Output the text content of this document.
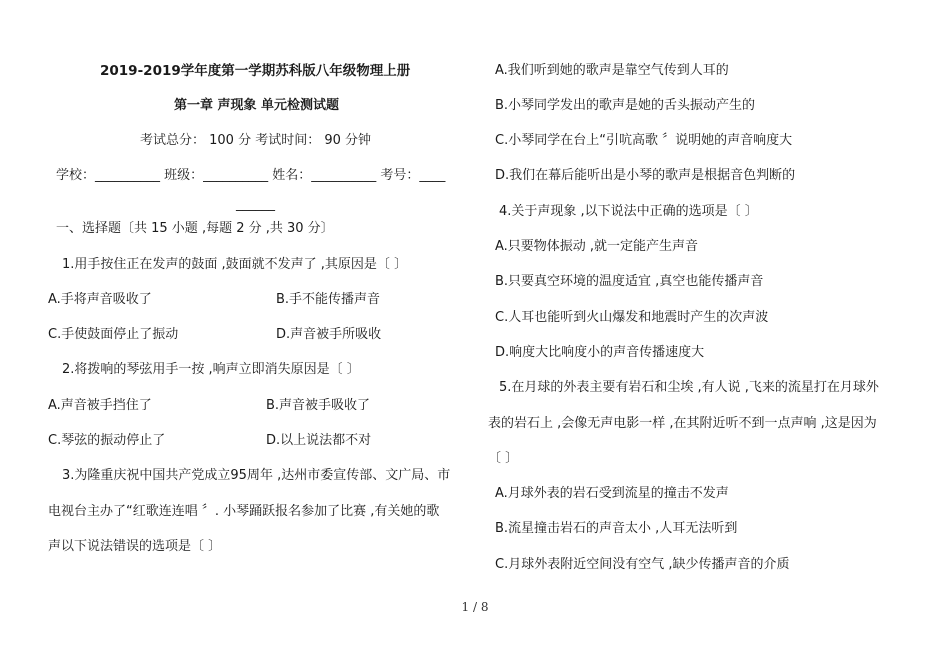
2019-2019学年度第一学期苏科版八年级物理上册
第一章 声现象 单元检测试题
考试总分： 100 分 考试时间： 90 分钟
学校：__________ 班级：__________ 姓名：__________ 考号：____
______
一、选择题〔共 15 小题 ,每题 2 分 ,共 30 分〕
1.用手按住正在发声的鼓面 ,鼓面就不发声了 ,其原因是〔 〕
A.手将声音吸收了	B.手不能传播声音
C.手使鼓面停止了振动	D.声音被手所吸收
2.将拨响的琴弦用手一按 ,响声立即消失原因是〔 〕
A.声音被手挡住了	B.声音被手吸收了
C.琴弦的振动停止了	D.以上说法都不对
3.为隆重庆祝中国共产党成立95周年 ,达州市委宣传部、文广局、市
电视台主办了“红歌连连唱 〞. 小琴踊跃报名参加了比赛 ,有关她的歌
声以下说法错误的选项是〔 〕
A.我们听到她的歌声是靠空气传到人耳的
B.小琴同学发出的歌声是她的舌头振动产生的
C.小琴同学在台上“引吭高歌 〞说明她的声音响度大
D.我们在幕后能听出是小琴的歌声是根据音色判断的
4.关于声现象 ,以下说法中正确的选项是〔 〕
A.只要物体振动 ,就一定能产生声音
B.只要真空环境的温度适宜 ,真空也能传播声音
C.人耳也能听到火山爆发和地震时产生的次声波
D.响度大比响度小的声音传播速度大
5.在月球的外表主要有岩石和尘埃 ,有人说 ,飞来的流星打在月球外
表的岩石上 ,会像无声电影一样 ,在其附近听不到一点声响 ,这是因为
〔 〕
A.月球外表的岩石受到流星的撞击不发声
B.流星撞击岩石的声音太小 ,人耳无法听到
C.月球外表附近空间没有空气 ,缺少传播声音的介质
1 / 8
